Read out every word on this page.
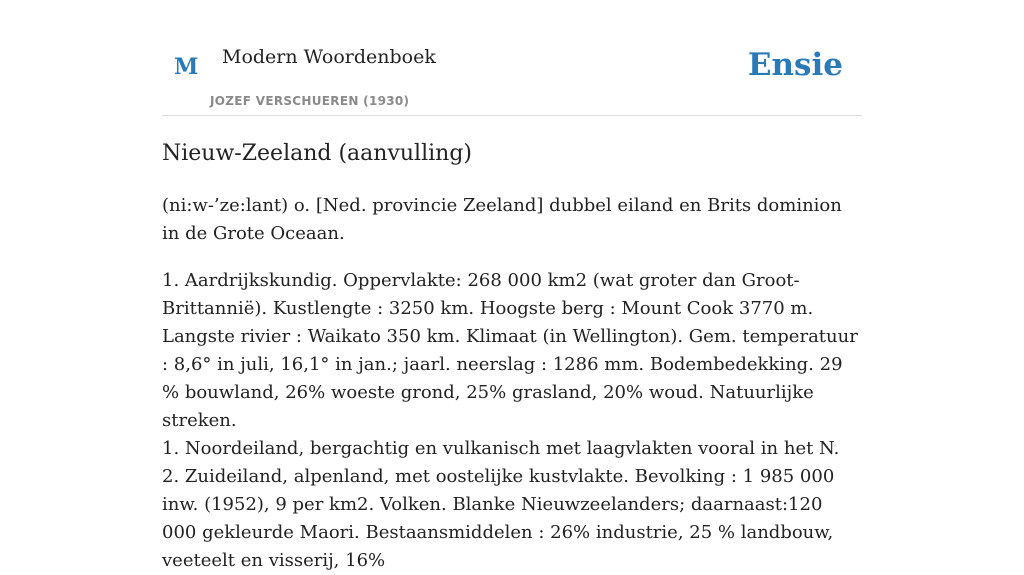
M Modern Woordenboek
JOZEF VERSCHUEREN (1930)
Ensie
Nieuw-Zeeland (aanvulling)

(ni:w-’ze:lant) o. [Ned. provincie Zeeland] dubbel eiland en Brits dominion in de Grote Oceaan.

1. Aardrijkskundig. Oppervlakte: 268 000 km2 (wat groter dan Groot-Brittannië). Kustlengte : 3250 km. Hoogste berg : Mount Cook 3770 m. Langste rivier : Waikato 350 km. Klimaat (in Wellington). Gem. temperatuur : 8,6° in juli, 16,1° in jan.; jaarl. neerslag : 1286 mm. Bodembedekking. 29 % bouwland, 26% woeste grond, 25% grasland, 20% woud. Natuurlijke streken.
1. Noordeiland, bergachtig en vulkanisch met laagvlakten vooral in het N.
2. Zuideiland, alpenland, met oostelijke kustvlakte. Bevolking : 1 985 000 inw. (1952), 9 per km2. Volken. Blanke Nieuwzeelanders; daarnaast:120 000 gekleurde Maori. Bestaansmiddelen : 26% industrie, 25 % landbouw, veeteelt en visserij, 16%
